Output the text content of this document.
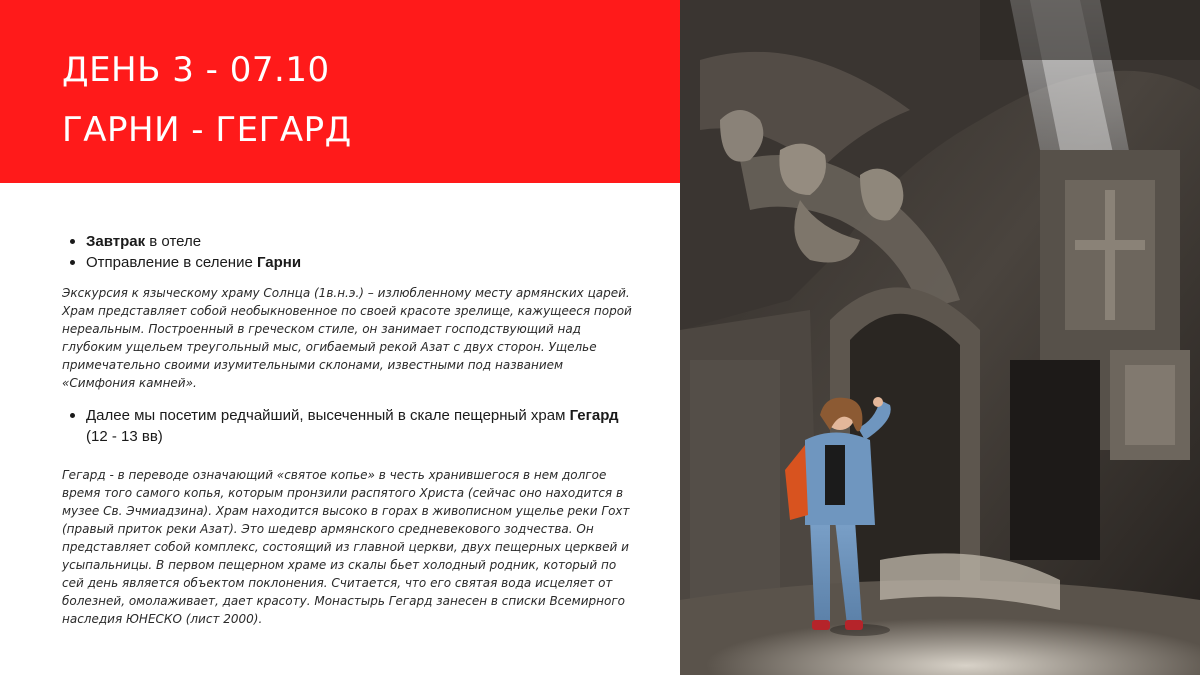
ДЕНЬ 3 - 07.10
ГАРНИ - ГЕГАРД
Завтрак в отеле
Отправление в селение Гарни

Экскурсия к языческому храму Солнца (1в.н.э.) – излюбленному месту армянских царей. Храм представляет собой необыкновенное по своей красоте зрелище, кажущееся порой нереальным. Построенный в греческом стиле, он занимает господствующий над глубоким ущельем треугольный мыс, огибаемый рекой Азат с двух сторон. Ущелье примечательно своими изумительными склонами, известными под названием «Симфония камней».

Далее мы посетим редчайший, высеченный в скале пещерный храм Гегард (12 - 13 вв)

Гегард - в переводе означающий «святое копье» в честь хранившегося в нем долгое время того самого копья, которым пронзили распятого Христа (сейчас оно находится в музее Св. Эчмиадзина). Храм находится высоко в горах в живописном ущелье реки Гохт (правый приток реки Азат). Это шедевр армянского средневекового зодчества. Он представляет собой комплекс, состоящий из главной церкви, двух пещерных церквей и усыпальницы. В первом пещерном храме из скалы бьет холодный родник, который по сей день является объектом поклонения. Считается, что его святая вода исцеляет от болезней, омолаживает, дает красоту. Монастырь Гегард занесен в списки Всемирного наследия ЮНЕСКО (лист 2000).
